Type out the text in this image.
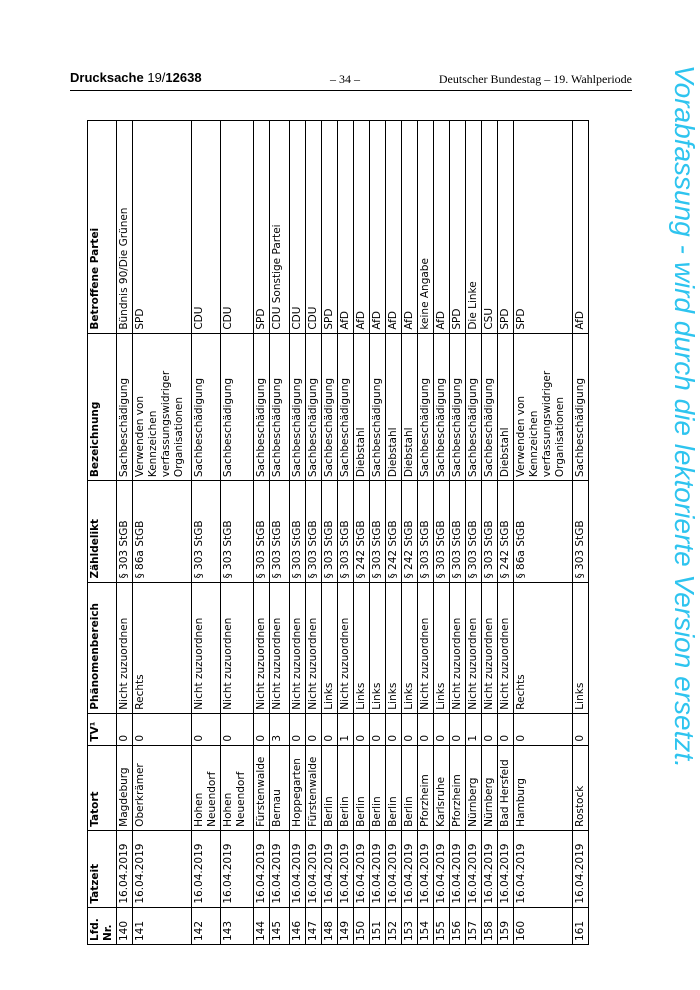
Drucksache 19/12638	– 34 –	Deutscher Bundestag – 19. Wahlperiode
Lfd. Nr.	Tatzeit	Tatort	TV¹	Phänomenbereich	Zähldelikt	Bezeichnung	Betroffene Partei
140	16.04.2019	Magdeburg	0	Nicht zuzuordnen	§ 303 StGB	Sachbeschädigung	Bündnis 90/Die Grünen
141	16.04.2019	Oberkrämer	0	Rechts	§ 86a StGB	Verwenden von Kennzeichen verfassungswidriger Organisationen	SPD
142	16.04.2019	Hohen Neuendorf	0	Nicht zuzuordnen	§ 303 StGB	Sachbeschädigung	CDU
143	16.04.2019	Hohen Neuendorf	0	Nicht zuzuordnen	§ 303 StGB	Sachbeschädigung	CDU
144	16.04.2019	Fürstenwalde	0	Nicht zuzuordnen	§ 303 StGB	Sachbeschädigung	SPD
145	16.04.2019	Bernau	3	Nicht zuzuordnen	§ 303 StGB	Sachbeschädigung	CDU Sonstige Partei
146	16.04.2019	Hoppegarten	0	Nicht zuzuordnen	§ 303 StGB	Sachbeschädigung	CDU
147	16.04.2019	Fürstenwalde	0	Nicht zuzuordnen	§ 303 StGB	Sachbeschädigung	CDU
148	16.04.2019	Berlin	0	Links	§ 303 StGB	Sachbeschädigung	SPD
149	16.04.2019	Berlin	1	Nicht zuzuordnen	§ 303 StGB	Sachbeschädigung	AfD
150	16.04.2019	Berlin	0	Links	§ 242 StGB	Diebstahl	AfD
151	16.04.2019	Berlin	0	Links	§ 303 StGB	Sachbeschädigung	AfD
152	16.04.2019	Berlin	0	Links	§ 242 StGB	Diebstahl	AfD
153	16.04.2019	Berlin	0	Links	§ 242 StGB	Diebstahl	AfD
154	16.04.2019	Pforzheim	0	Nicht zuzuordnen	§ 303 StGB	Sachbeschädigung	keine Angabe
155	16.04.2019	Karlsruhe	0	Links	§ 303 StGB	Sachbeschädigung	AfD
156	16.04.2019	Pforzheim	0	Nicht zuzuordnen	§ 303 StGB	Sachbeschädigung	SPD
157	16.04.2019	Nürnberg	1	Nicht zuzuordnen	§ 303 StGB	Sachbeschädigung	Die Linke
158	16.04.2019	Nürnberg	0	Nicht zuzuordnen	§ 303 StGB	Sachbeschädigung	CSU
159	16.04.2019	Bad Hersfeld	0	Nicht zuzuordnen	§ 242 StGB	Diebstahl	SPD
160	16.04.2019	Hamburg	0	Rechts	§ 86a StGB	Verwenden von Kennzeichen verfassungswidriger Organisationen	SPD
161	16.04.2019	Rostock	0	Links	§ 303 StGB	Sachbeschädigung	AfD	Vorabfassung - wird durch die lektorierte Version ersetzt.
